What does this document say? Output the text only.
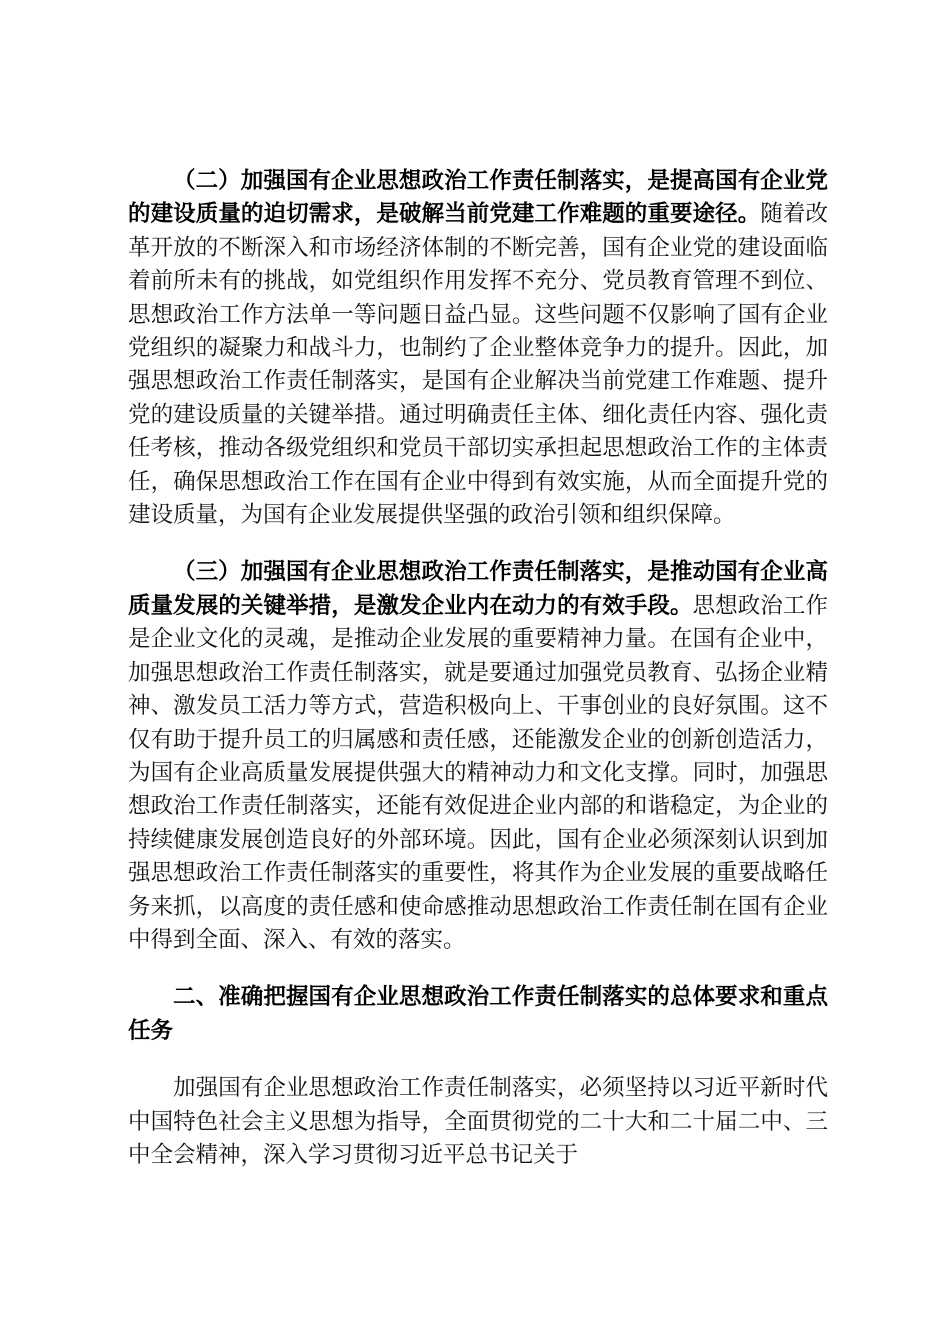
（二）加强国有企业思想政治工作责任制落实，是提高国有企业党的建设质量的迫切需求，是破解当前党建工作难题的重要途径。随着改革开放的不断深入和市场经济体制的不断完善，国有企业党的建设面临着前所未有的挑战，如党组织作用发挥不充分、党员教育管理不到位、思想政治工作方法单一等问题日益凸显。这些问题不仅影响了国有企业党组织的凝聚力和战斗力，也制约了企业整体竞争力的提升。因此，加强思想政治工作责任制落实，是国有企业解决当前党建工作难题、提升党的建设质量的关键举措。通过明确责任主体、细化责任内容、强化责任考核，推动各级党组织和党员干部切实承担起思想政治工作的主体责任，确保思想政治工作在国有企业中得到有效实施，从而全面提升党的建设质量，为国有企业发展提供坚强的政治引领和组织保障。

（三）加强国有企业思想政治工作责任制落实，是推动国有企业高质量发展的关键举措，是激发企业内在动力的有效手段。思想政治工作是企业文化的灵魂，是推动企业发展的重要精神力量。在国有企业中，加强思想政治工作责任制落实，就是要通过加强党员教育、弘扬企业精神、激发员工活力等方式，营造积极向上、干事创业的良好氛围。这不仅有助于提升员工的归属感和责任感，还能激发企业的创新创造活力，为国有企业高质量发展提供强大的精神动力和文化支撑。同时，加强思想政治工作责任制落实，还能有效促进企业内部的和谐稳定，为企业的持续健康发展创造良好的外部环境。因此，国有企业必须深刻认识到加强思想政治工作责任制落实的重要性，将其作为企业发展的重要战略任务来抓，以高度的责任感和使命感推动思想政治工作责任制在国有企业中得到全面、深入、有效的落实。

二、准确把握国有企业思想政治工作责任制落实的总体要求和重点任务

加强国有企业思想政治工作责任制落实，必须坚持以习近平新时代中国特色社会主义思想为指导，全面贯彻党的二十大和二十届二中、三中全会精神，深入学习贯彻习近平总书记关于
